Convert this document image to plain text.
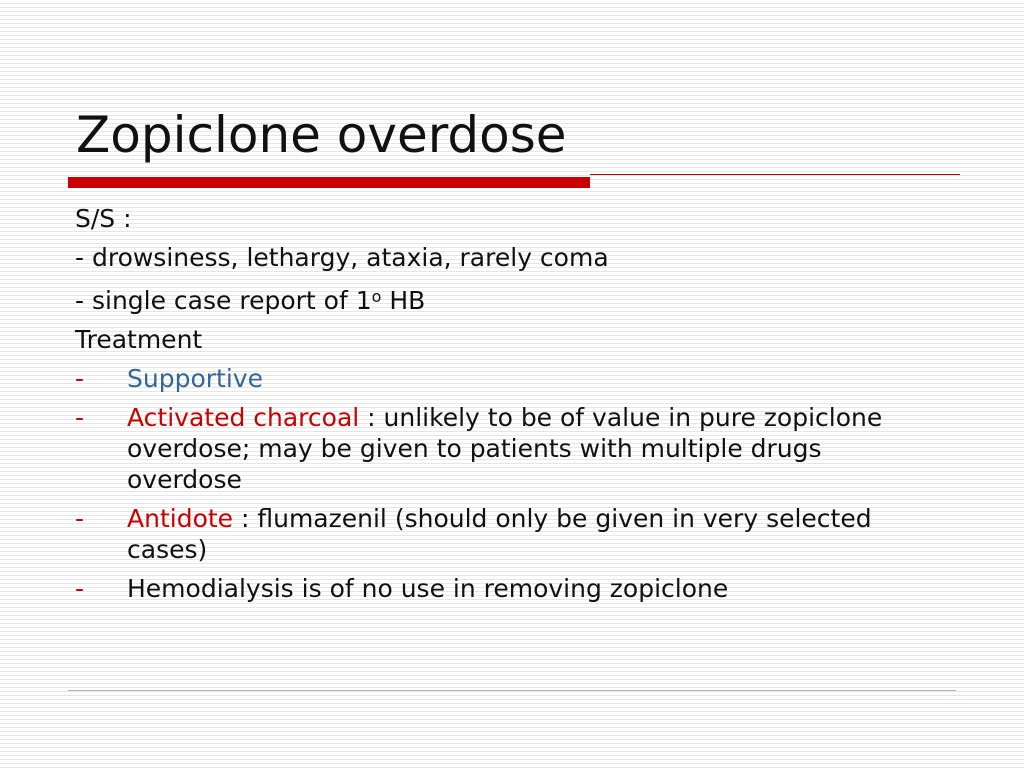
Zopiclone overdose
S/S :
- drowsiness, lethargy, ataxia, rarely coma
- single case report of 1$^o$ HB
Treatment
-	Supportive
-	Activated charcoal : unlikely to be of value in pure zopiclone overdose; may be given to patients with multiple drugs overdose
-	Antidote : flumazenil (should only be given in very selected cases)
-	Hemodialysis is of no use in removing zopiclone
